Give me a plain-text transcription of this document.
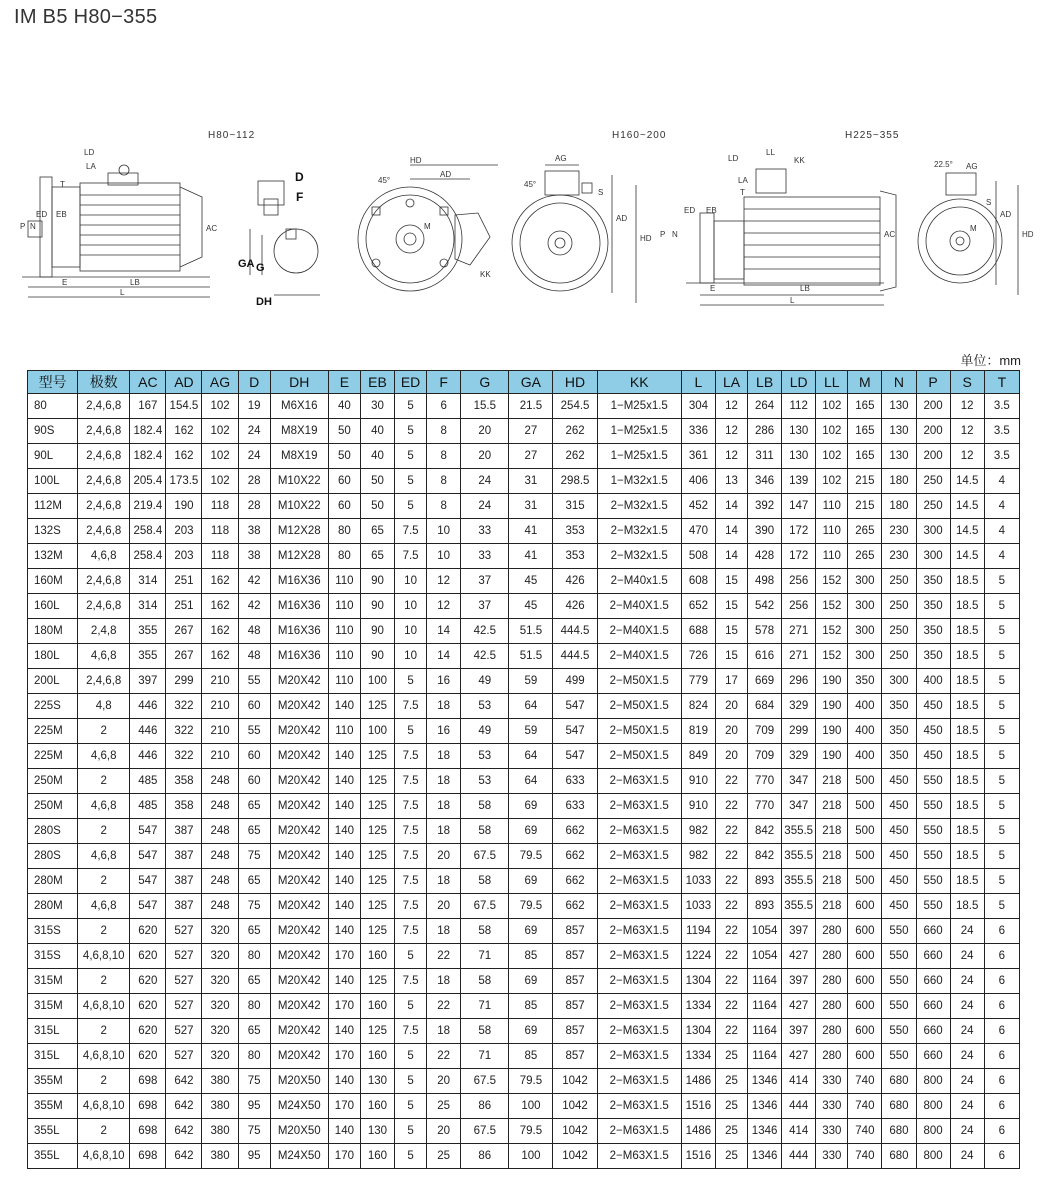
IM B5 H80−355
H80~112	H160~200	H225~355
LD
LA
T
P N
ED EB
E	LB
L
AC
D
F
GA G
DH
HD
AD
45°
M
KK
AG
45°
S
AD
HD
LD
LL
KK
LA
T
ED EB
P N	AC
E	LB
L
22.5° AG
S
M
AD
HD
单位：mm
型号	极数	AC	AD	AG	D	DH	E	EB	ED	F	G	GA	HD	KK	L	LA	LB	LD	LL	M	N	P	S	T
80	2,4,6,8	167	154.5	102	19	M6X16	40	30	5	6	15.5	21.5	254.5	1−M25x1.5	304	12	264	112	102	165	130	200	12	3.5
90S	2,4,6,8	182.4	162	102	24	M8X19	50	40	5	8	20	27	262	1−M25x1.5	336	12	286	130	102	165	130	200	12	3.5
90L	2,4,6,8	182.4	162	102	24	M8X19	50	40	5	8	20	27	262	1−M25x1.5	361	12	311	130	102	165	130	200	12	3.5
100L	2,4,6,8	205.4	173.5	102	28	M10X22	60	50	5	8	24	31	298.5	1−M32x1.5	406	13	346	139	102	215	180	250	14.5	4
112M	2,4,6,8	219.4	190	118	28	M10X22	60	50	5	8	24	31	315	2−M32x1.5	452	14	392	147	110	215	180	250	14.5	4
132S	2,4,6,8	258.4	203	118	38	M12X28	80	65	7.5	10	33	41	353	2−M32x1.5	470	14	390	172	110	265	230	300	14.5	4
132M	4,6,8	258.4	203	118	38	M12X28	80	65	7.5	10	33	41	353	2−M32x1.5	508	14	428	172	110	265	230	300	14.5	4
160M	2,4,6,8	314	251	162	42	M16X36	110	90	10	12	37	45	426	2−M40x1.5	608	15	498	256	152	300	250	350	18.5	5
160L	2,4,6,8	314	251	162	42	M16X36	110	90	10	12	37	45	426	2−M40X1.5	652	15	542	256	152	300	250	350	18.5	5
180M	2,4,8	355	267	162	48	M16X36	110	90	10	14	42.5	51.5	444.5	2−M40X1.5	688	15	578	271	152	300	250	350	18.5	5
180L	4,6,8	355	267	162	48	M16X36	110	90	10	14	42.5	51.5	444.5	2−M40X1.5	726	15	616	271	152	300	250	350	18.5	5
200L	2,4,6,8	397	299	210	55	M20X42	110	100	5	16	49	59	499	2−M50X1.5	779	17	669	296	190	350	300	400	18.5	5
225S	4,8	446	322	210	60	M20X42	140	125	7.5	18	53	64	547	2−M50X1.5	824	20	684	329	190	400	350	450	18.5	5
225M	2	446	322	210	55	M20X42	110	100	5	16	49	59	547	2−M50X1.5	819	20	709	299	190	400	350	450	18.5	5
225M	4,6,8	446	322	210	60	M20X42	140	125	7.5	18	53	64	547	2−M50X1.5	849	20	709	329	190	400	350	450	18.5	5
250M	2	485	358	248	60	M20X42	140	125	7.5	18	53	64	633	2−M63X1.5	910	22	770	347	218	500	450	550	18.5	5
250M	4,6,8	485	358	248	65	M20X42	140	125	7.5	18	58	69	633	2−M63X1.5	910	22	770	347	218	500	450	550	18.5	5
280S	2	547	387	248	65	M20X42	140	125	7.5	18	58	69	662	2−M63X1.5	982	22	842	355.5	218	500	450	550	18.5	5
280S	4,6,8	547	387	248	75	M20X42	140	125	7.5	20	67.5	79.5	662	2−M63X1.5	982	22	842	355.5	218	500	450	550	18.5	5
280M	2	547	387	248	65	M20X42	140	125	7.5	18	58	69	662	2−M63X1.5	1033	22	893	355.5	218	500	450	550	18.5	5
280M	4,6,8	547	387	248	75	M20X42	140	125	7.5	20	67.5	79.5	662	2−M63X1.5	1033	22	893	355.5	218	600	450	550	18.5	5
315S	2	620	527	320	65	M20X42	140	125	7.5	18	58	69	857	2−M63X1.5	1194	22	1054	397	280	600	550	660	24	6
315S	4,6,8,10	620	527	320	80	M20X42	170	160	5	22	71	85	857	2−M63X1.5	1224	22	1054	427	280	600	550	660	24	6
315M	2	620	527	320	65	M20X42	140	125	7.5	18	58	69	857	2−M63X1.5	1304	22	1164	397	280	600	550	660	24	6
315M	4,6,8,10	620	527	320	80	M20X42	170	160	5	22	71	85	857	2−M63X1.5	1334	22	1164	427	280	600	550	660	24	6
315L	2	620	527	320	65	M20X42	140	125	7.5	18	58	69	857	2−M63X1.5	1304	22	1164	397	280	600	550	660	24	6
315L	4,6,8,10	620	527	320	80	M20X42	170	160	5	22	71	85	857	2−M63X1.5	1334	25	1164	427	280	600	550	660	24	6
355M	2	698	642	380	75	M20X50	140	130	5	20	67.5	79.5	1042	2−M63X1.5	1486	25	1346	414	330	740	680	800	24	6
355M	4,6,8,10	698	642	380	95	M24X50	170	160	5	25	86	100	1042	2−M63X1.5	1516	25	1346	444	330	740	680	800	24	6
355L	2	698	642	380	75	M20X50	140	130	5	20	67.5	79.5	1042	2−M63X1.5	1486	25	1346	414	330	740	680	800	24	6
355L	4,6,8,10	698	642	380	95	M24X50	170	160	5	25	86	100	1042	2−M63X1.5	1516	25	1346	444	330	740	680	800	24	6
